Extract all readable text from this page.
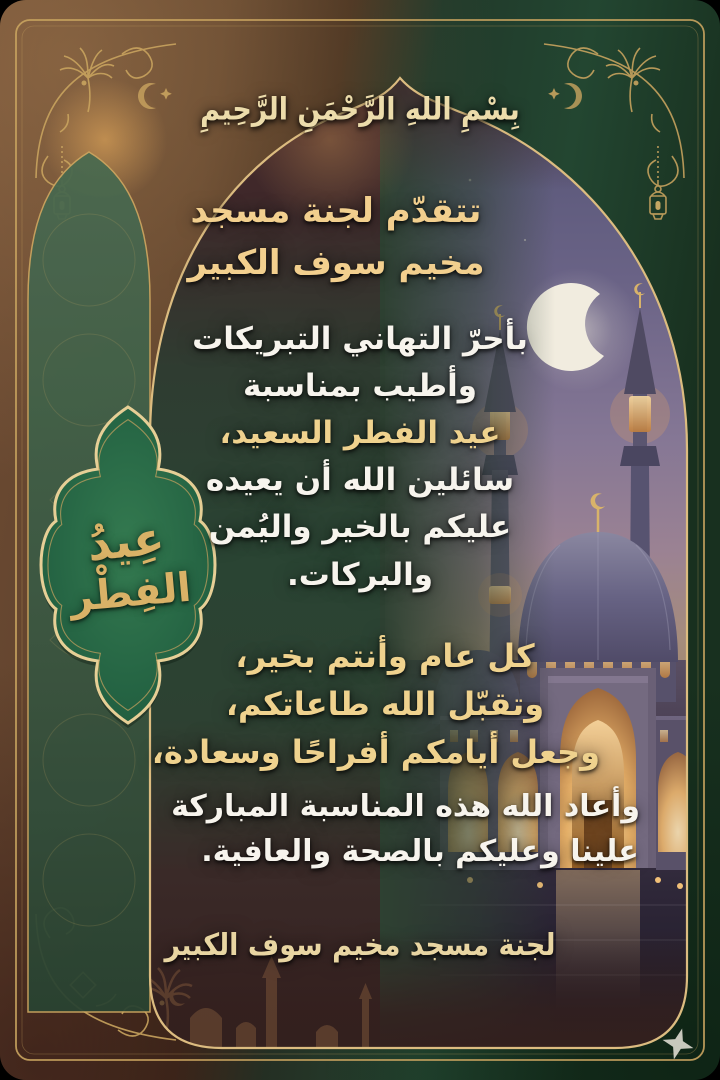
بِسْمِ اللهِ الرَّحْمَنِ الرَّحِيمِ
تتقدّم لجنة مسجد
مخيم سوف الكبير
بأحرّ التهاني التبريكات
وأطيب بمناسبة
عيد الفطر السعيد،
سائلين الله أن يعيده
عليكم بالخير واليُمن
والبركات.
كل عام وأنتم بخير،
وتقبّل الله طاعاتكم،
وجعل أيامكم أفراحًا وسعادة،
وأعاد الله هذه المناسبة المباركة
علينا وعليكم بالصحة والعافية.
عِيدُ
الفِطْر
لجنة مسجد مخيم سوف الكبير
